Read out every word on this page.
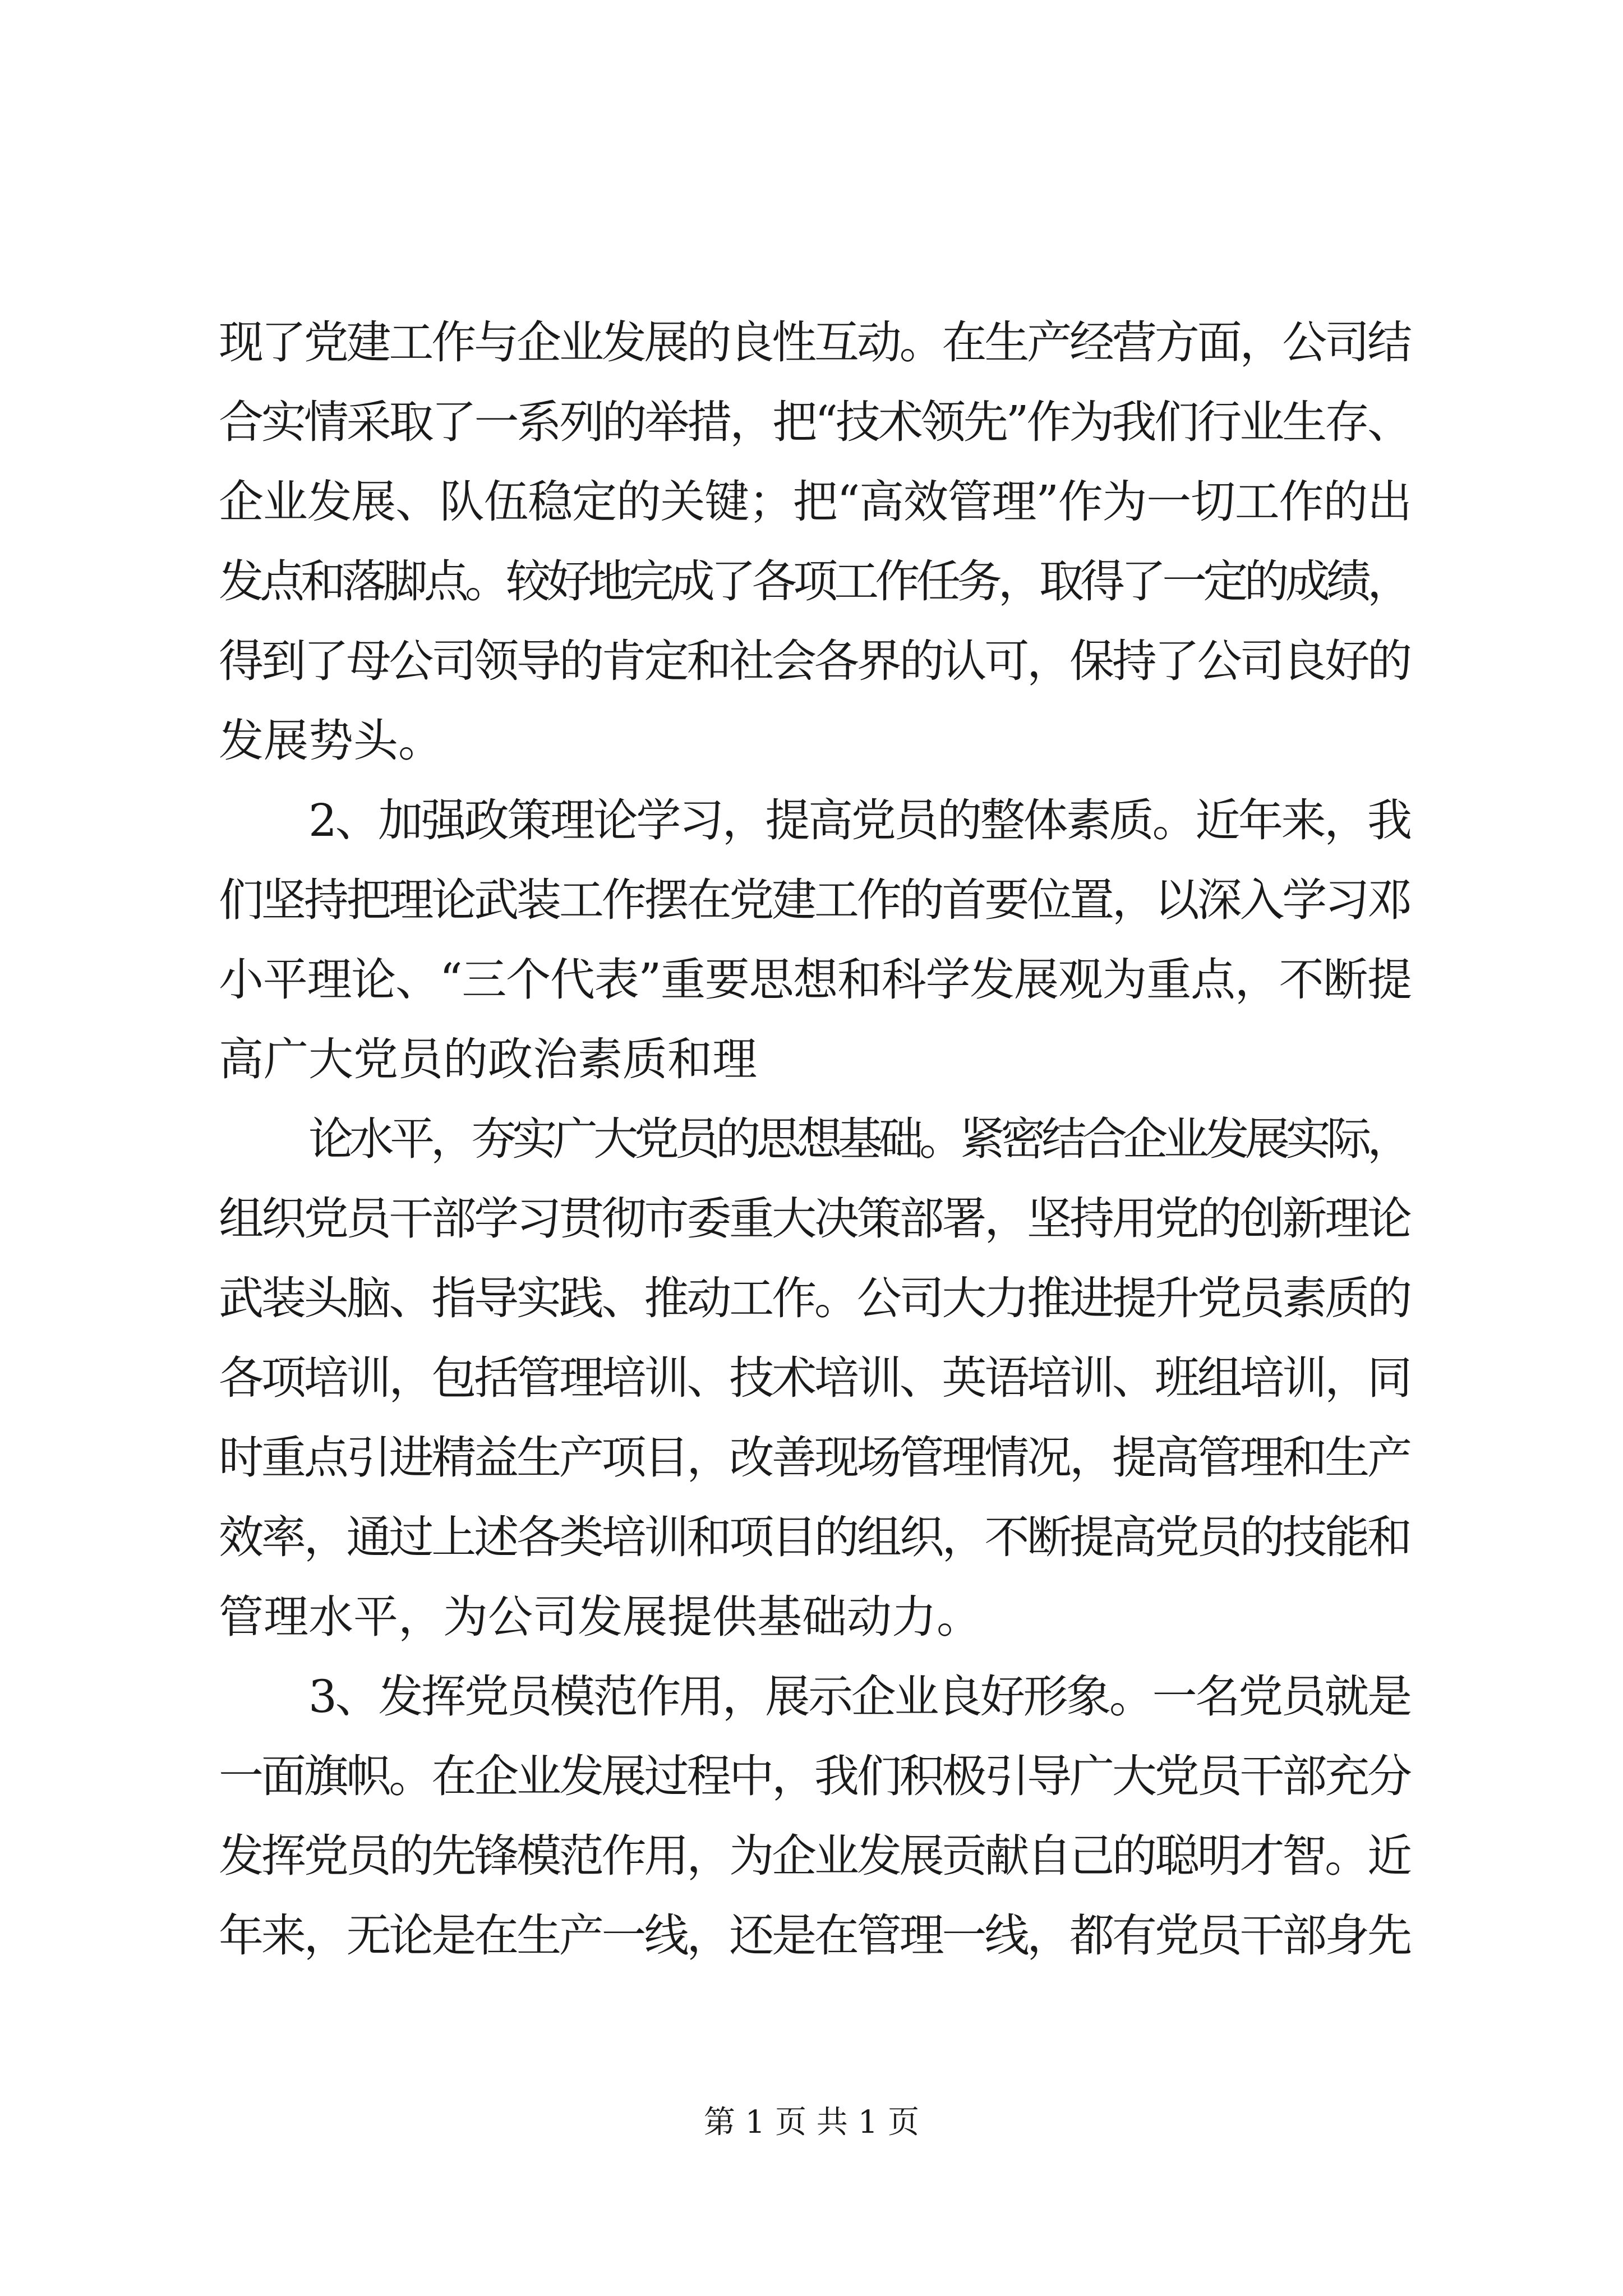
现了党建工作与企业发展的良性互动。在生产经营方面，公司结
合实情采取了一系列的举措，把“技术领先”作为我们行业生存、
企业发展、队伍稳定的关键；把“高效管理”作为一切工作的出
发点和落脚点。较好地完成了各项工作任务，取得了一定的成绩，
得到了母公司领导的肯定和社会各界的认可，保持了公司良好的
发展势头。
2、加强政策理论学习，提高党员的整体素质。近年来，我
们坚持把理论武装工作摆在党建工作的首要位置，以深入学习邓
小平理论、“三个代表”重要思想和科学发展观为重点，不断提
高广大党员的政治素质和理
论水平，夯实广大党员的思想基础。紧密结合企业发展实际，
组织党员干部学习贯彻市委重大决策部署，坚持用党的创新理论
武装头脑、指导实践、推动工作。公司大力推进提升党员素质的
各项培训，包括管理培训、技术培训、英语培训、班组培训，同
时重点引进精益生产项目，改善现场管理情况，提高管理和生产
效率，通过上述各类培训和项目的组织，不断提高党员的技能和
管理水平，为公司发展提供基础动力。
3、发挥党员模范作用，展示企业良好形象。一名党员就是
一面旗帜。在企业发展过程中，我们积极引导广大党员干部充分
发挥党员的先锋模范作用，为企业发展贡献自己的聪明才智。近
年来，无论是在生产一线，还是在管理一线，都有党员干部身先
第 1 页 共 1 页
